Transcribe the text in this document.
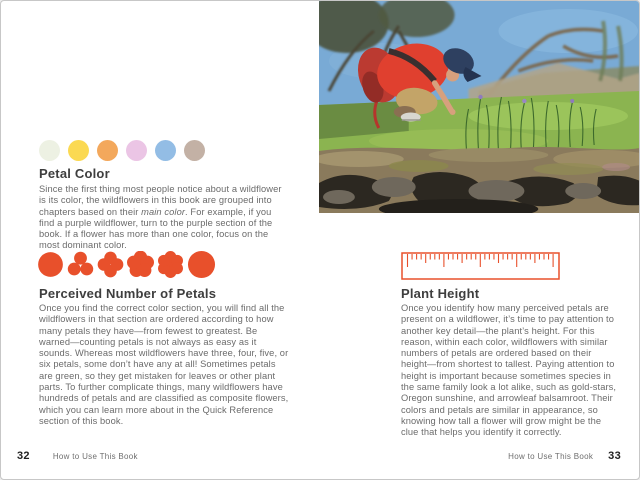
Petal Color

Since the first thing most people notice about a wildflower is its color, the wildflowers in this book are grouped into chapters based on their main color. For example, if you find a purple wildflower, turn to the purple section of the book. If a flower has more than one color, focus on the most dominant color.

Perceived Number of Petals

Once you find the correct color section, you will find all the wildflowers in that section are ordered according to how many petals they have—from fewest to greatest. Be warned—counting petals is not always as easy as it sounds. Whereas most wildflowers have three, four, five, or six petals, some don’t have any at all! Sometimes petals are green, so they get mistaken for leaves or other plant parts. To further complicate things, many wildflowers have hundreds of petals and are classified as composite flowers, which you can learn more about in the Quick Reference section of this book.

32	How to Use This Book
Plant Height

Once you identify how many perceived petals are present on a wildflower, it’s time to pay attention to another key detail—the plant’s height. For this reason, within each color, wildflowers with similar numbers of petals are ordered based on their height—from shortest to tallest. Paying attention to height is important because sometimes species in the same family look a lot alike, such as gold-stars, Oregon sunshine, and arrowleaf balsamroot. Their colors and petals are similar in appearance, so knowing how tall a flower will grow might be the clue that helps you identify it correctly.

How to Use This Book 33
